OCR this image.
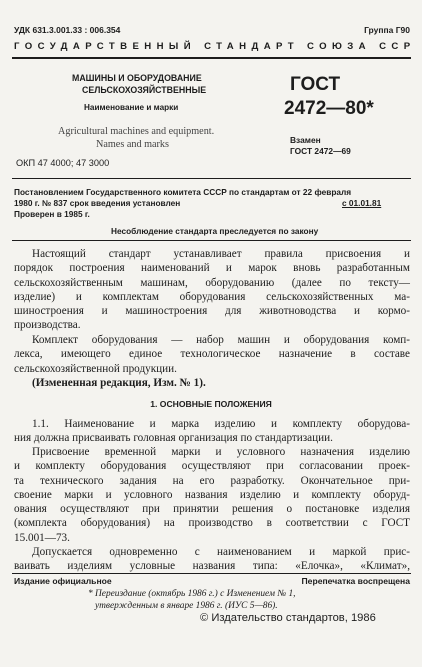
УДК 631.3.001.33 : 006.354	Группа Г90
ГОСУДАРСТВЕННЫЙ СТАНДАРТ СОЮЗА ССР
МАШИНЫ И ОБОРУДОВАНИЕ
СЕЛЬСКОХОЗЯЙСТВЕННЫЕ
Наименование и марки
Agricultural machines and equipment.
Names and marks
ОКП 47 4000; 47 3000
ГОСТ
2472—80*
Взамен
ГОСТ 2472—69
Постановлением Государственного комитета СССР по стандартам от 22 февраля
1980 г. № 837 срок введения установлен	с 01.01.81
Проверен в 1985 г.
Несоблюдение стандарта преследуется по закону
Настоящий стандарт устанавливает правила присвоения и
порядок построения наименований и марок вновь разработанным
сельскохозяйственным машинам, оборудованию (далее по тексту—
изделие) и комплектам оборудования сельскохозяйственных ма-
шиностроения и машиностроения для животноводства и кормо-
производства.
Комплект оборудования — набор машин и оборудования комп-
лекса, имеющего единое технологическое назначение в составе
сельскохозяйственной продукции.
(Измененная редакция, Изм. № 1).
1. ОСНОВНЫЕ ПОЛОЖЕНИЯ
1.1. Наименование и марка изделию и комплекту оборудова-
ния должна присваивать головная организация по стандартизации.
Присвоение временной марки и условного назначения изделию
и комплекту оборудования осуществляют при согласовании проек-
та технического задания на его разработку. Окончательное при-
своение марки и условного названия изделию и комплекту оборуд-
ования осуществляют при принятии решения о постановке изделия
(комплекта оборудования) на производство в соответствии с ГОСТ
15.001—73.
Допускается одновременно с наименованием и маркой прис-
ваивать изделиям условные названия типа: «Елочка», «Климат»,
Издание официальное	Перепечатка воспрещена
* Переиздание (октябрь 1986 г.) с Изменением № 1,
утвержденным в январе 1986 г. (ИУС 5—86).
© Издательство стандартов, 1986
